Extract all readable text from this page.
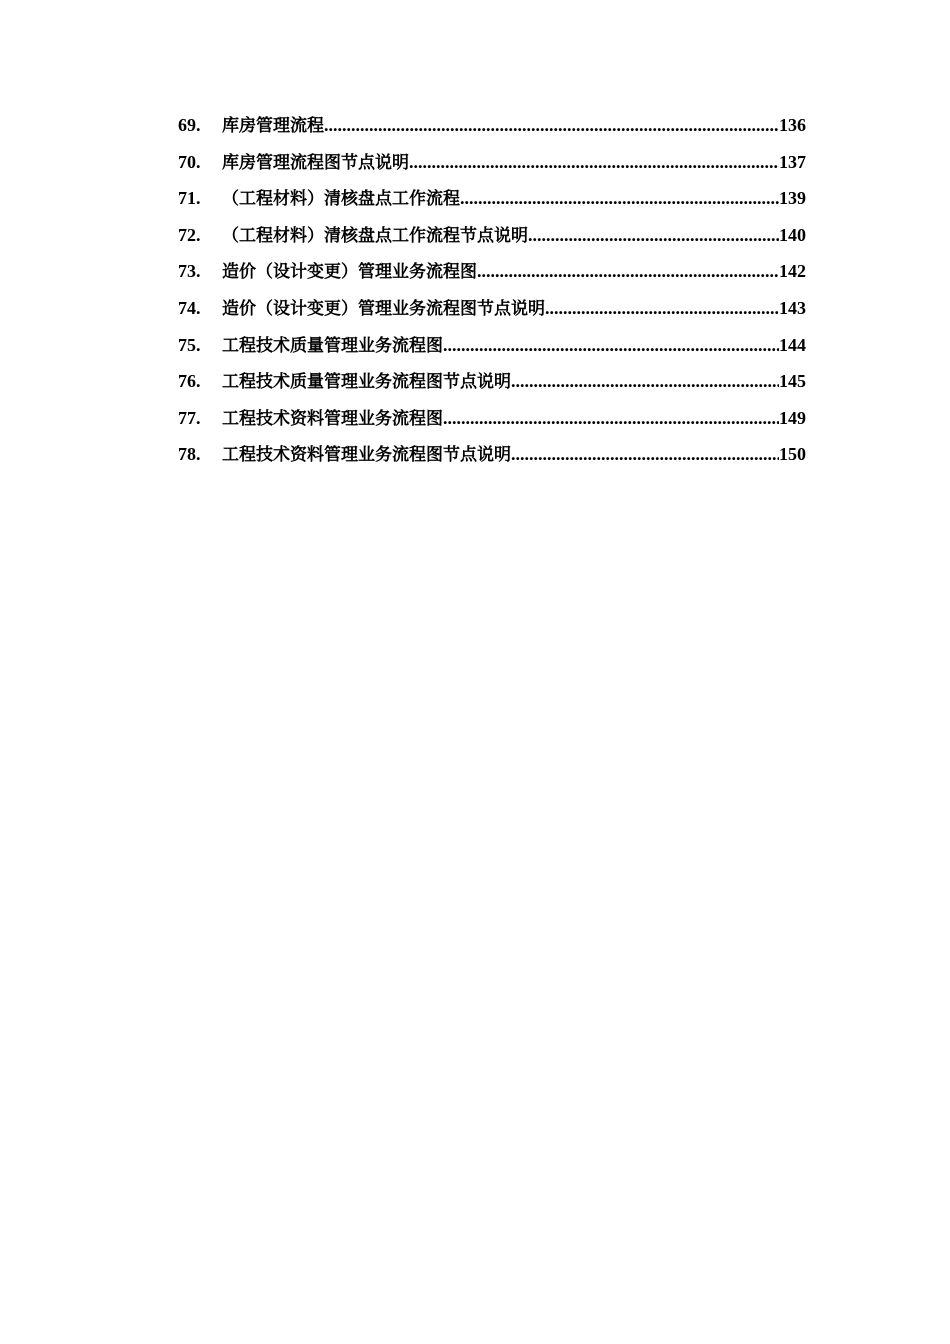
69.	库房管理流程 .....	136
70.	库房管理流程图节点说明 .....	137
71.	（工程材料）清核盘点工作流程 .....	139
72.	（工程材料）清核盘点工作流程节点说明 .....	140
73.	造价（设计变更）管理业务流程图 .....	142
74.	造价（设计变更）管理业务流程图节点说明 .....	143
75.	工程技术质量管理业务流程图 .....	144
76.	工程技术质量管理业务流程图节点说明 .....	145
77.	工程技术资料管理业务流程图 .....	149
78.	工程技术资料管理业务流程图节点说明 .....	150
